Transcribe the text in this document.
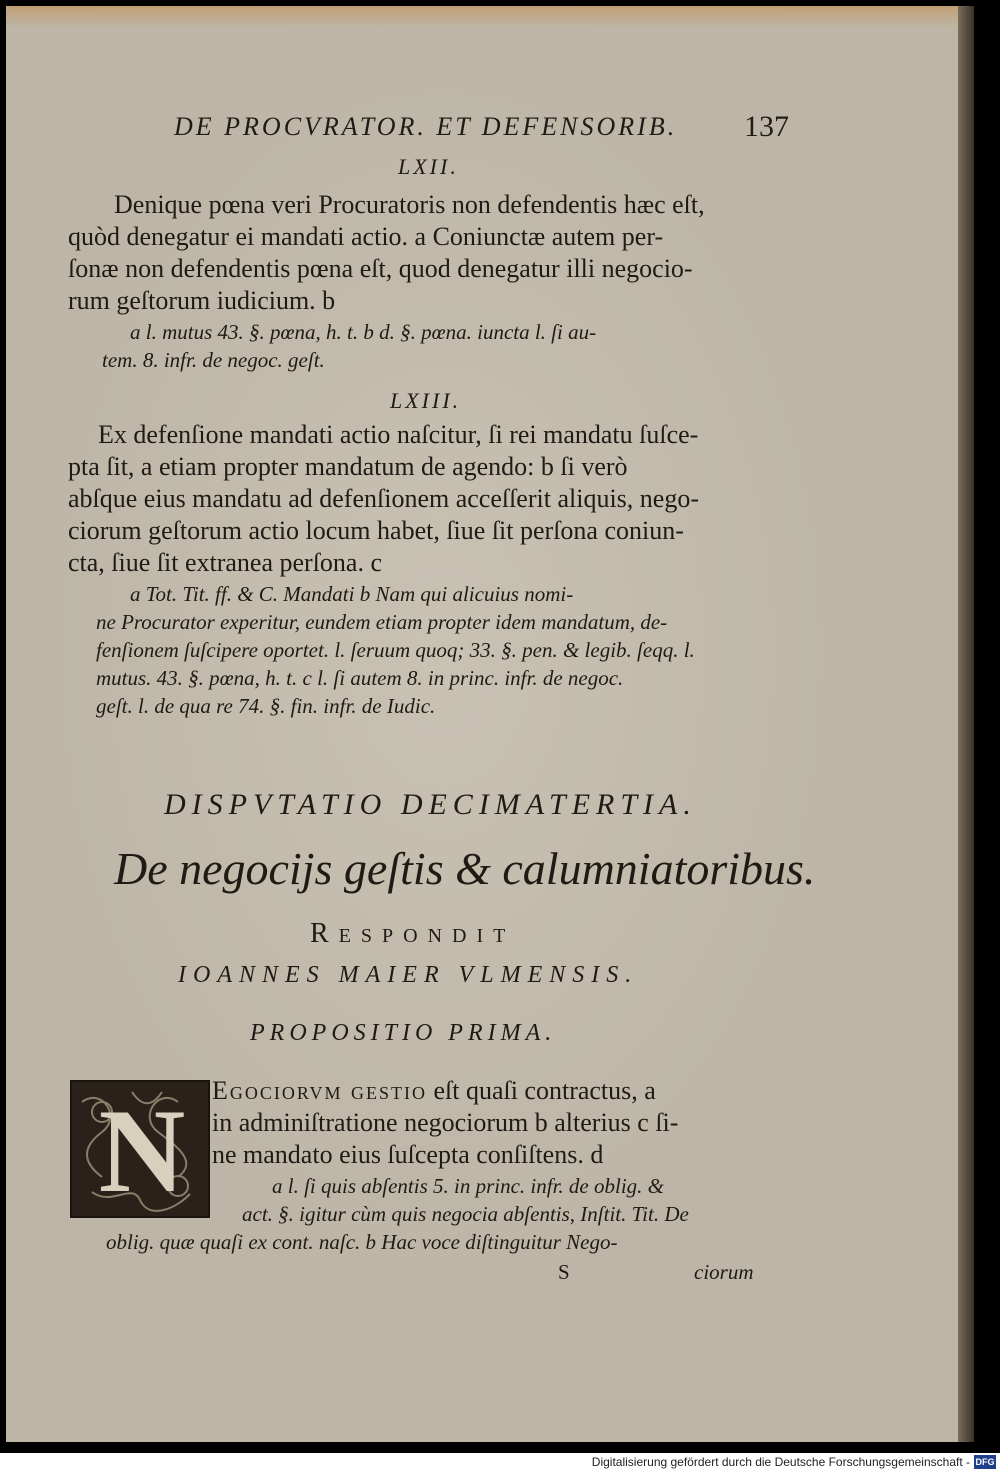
DE PROCVRATOR. ET DEFENSORIB. 137
LXII.
Denique pœna veri Procuratoris non defendentis hæc eſt,
quòd denegatur ei mandati actio. a Coniunctæ autem per-
ſonæ non defendentis pœna eſt, quod denegatur illi negocio-
rum geſtorum iudicium. b
a l. mutus 43. §. pœna, h. t. b d. §. pœna. iuncta l. ſi au-
tem. 8. infr. de negoc. geſt.
LXIII.
Ex defenſione mandati actio naſcitur, ſi rei mandatu ſuſce-
pta ſit, a etiam propter mandatum de agendo: b ſi verò
abſque eius mandatu ad defenſionem acceſſerit aliquis, nego-
ciorum geſtorum actio locum habet, ſiue ſit perſona coniun-
cta, ſiue ſit extranea perſona. c
a Tot. Tit. ff. & C. Mandati b Nam qui alicuius nomi-
ne Procurator experitur, eundem etiam propter idem mandatum, de-
fenſionem ſuſcipere oportet. l. ſeruum quoq; 33. §. pen. & legib. ſeqq. l.
mutus. 43. §. pœna, h. t. c l. ſi autem 8. in princ. infr. de negoc.
geſt. l. de qua re 74. §. fin. infr. de Iudic.
DISPVTATIO DECIMATERTIA.
De negocijs geſtis & calumniatoribus.
Respondit
IOANNES MAIER VLMENSIS.
PROPOSITIO PRIMA.
N	Egociorvm gestio eſt quaſi contractus, a
in adminiſtratione negociorum b alterius c ſi-
ne mandato eius ſuſcepta conſiſtens. d
a l. ſi quis abſentis 5. in princ. infr. de oblig. &
act. §. igitur cùm quis negocia abſentis, Inſtit. Tit. De
oblig. quæ quaſi ex cont. naſc. b Hac voce diſtinguitur Nego-
S	ciorum
Digitalisierung gefördert durch die Deutsche Forschungsgemeinschaft - DFG
